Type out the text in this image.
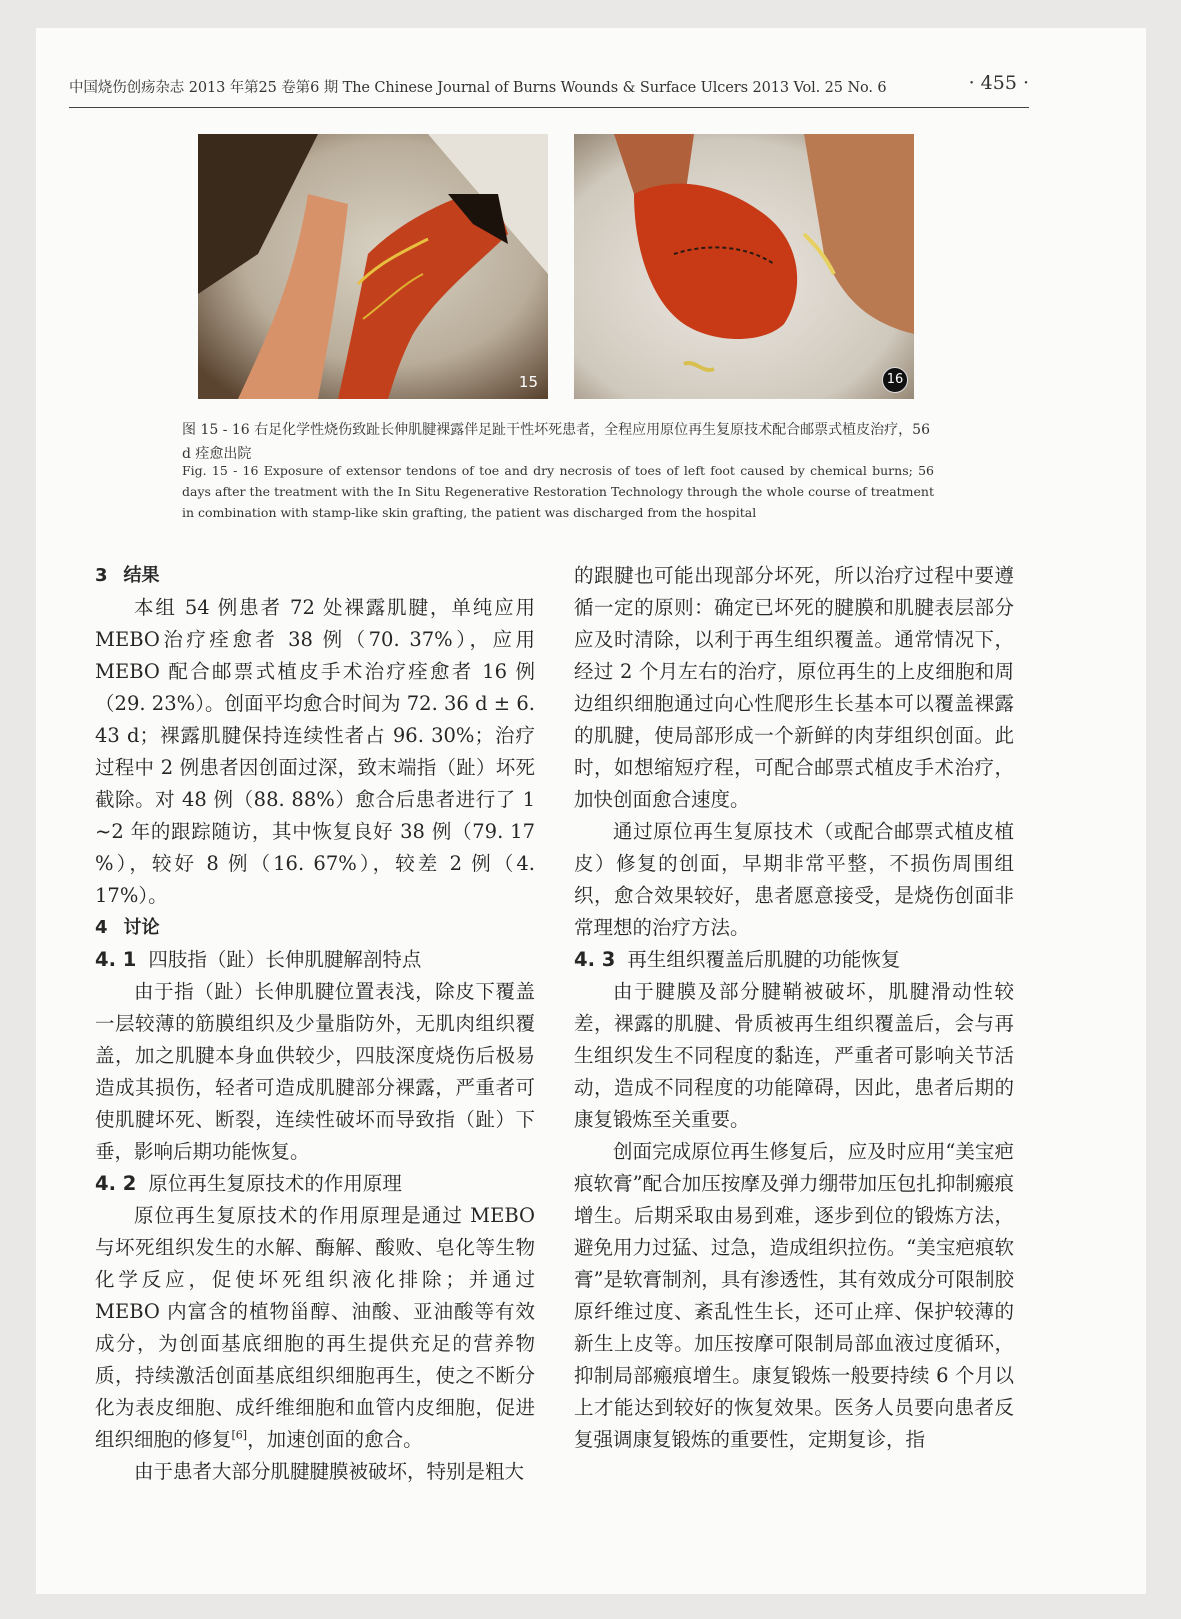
中国烧伤创疡杂志 2013 年第25 卷第6 期 The Chinese Journal of Burns Wounds & Surface Ulcers 2013 Vol. 25 No. 6	· 455 ·
15	16
图 15 - 16 右足化学性烧伤致趾长伸肌腱裸露伴足趾干性坏死患者，全程应用原位再生复原技术配合邮票式植皮治疗，56 d 痊愈出院
Fig. 15 - 16 Exposure of extensor tendons of toe and dry necrosis of toes of left foot caused by chemical burns; 56 days after the treatment with the In Situ Regenerative Restoration Technology through the whole course of treatment in combination with stamp-like skin grafting, the patient was discharged from the hospital

3 结果

本组 54 例患者 72 处裸露肌腱，单纯应用 MEBO治疗痊愈者 38 例（70. 37%），应用 MEBO 配合邮票式植皮手术治疗痊愈者 16 例（29. 23%）。创面平均愈合时间为 72. 36 d ± 6. 43 d；裸露肌腱保持连续性者占 96. 30%；治疗过程中 2 例患者因创面过深，致末端指（趾）坏死截除。对 48 例（88. 88%）愈合后患者进行了 1 ~2 年的跟踪随访，其中恢复良好 38 例（79. 17 %），较好 8 例（16. 67%），较差 2 例（4. 17%）。

4 讨论

4. 1 四肢指（趾）长伸肌腱解剖特点

由于指（趾）长伸肌腱位置表浅，除皮下覆盖一层较薄的筋膜组织及少量脂防外，无肌肉组织覆盖，加之肌腱本身血供较少，四肢深度烧伤后极易造成其损伤，轻者可造成肌腱部分裸露，严重者可使肌腱坏死、断裂，连续性破坏而导致指（趾）下垂，影响后期功能恢复。

4. 2 原位再生复原技术的作用原理

原位再生复原技术的作用原理是通过 MEBO 与坏死组织发生的水解、酶解、酸败、皂化等生物化学反应，促使坏死组织液化排除；并通过 MEBO 内富含的植物甾醇、油酸、亚油酸等有效成分，为创面基底细胞的再生提供充足的营养物质，持续激活创面基底组织细胞再生，使之不断分化为表皮细胞、成纤维细胞和血管内皮细胞，促进组织细胞的修复[6]，加速创面的愈合。

由于患者大部分肌腱腱膜被破坏，特别是粗大

的跟腱也可能出现部分坏死，所以治疗过程中要遵循一定的原则：确定已坏死的腱膜和肌腱表层部分应及时清除，以利于再生组织覆盖。通常情况下，经过 2 个月左右的治疗，原位再生的上皮细胞和周边组织细胞通过向心性爬形生长基本可以覆盖裸露的肌腱，使局部形成一个新鲜的肉芽组织创面。此时，如想缩短疗程，可配合邮票式植皮手术治疗，加快创面愈合速度。

通过原位再生复原技术（或配合邮票式植皮植皮）修复的创面，早期非常平整，不损伤周围组织，愈合效果较好，患者愿意接受，是烧伤创面非常理想的治疗方法。

4. 3 再生组织覆盖后肌腱的功能恢复

由于腱膜及部分腱鞘被破坏，肌腱滑动性较差，裸露的肌腱、骨质被再生组织覆盖后，会与再生组织发生不同程度的黏连，严重者可影响关节活动，造成不同程度的功能障碍，因此，患者后期的康复锻炼至关重要。

创面完成原位再生修复后，应及时应用“美宝疤痕软膏”配合加压按摩及弹力绷带加压包扎抑制瘢痕增生。后期采取由易到难，逐步到位的锻炼方法，避免用力过猛、过急，造成组织拉伤。“美宝疤痕软膏”是软膏制剂，具有渗透性，其有效成分可限制胶原纤维过度、紊乱性生长，还可止痒、保护较薄的新生上皮等。加压按摩可限制局部血液过度循环，抑制局部瘢痕增生。康复锻炼一般要持续 6 个月以上才能达到较好的恢复效果。医务人员要向患者反复强调康复锻炼的重要性，定期复诊，指
